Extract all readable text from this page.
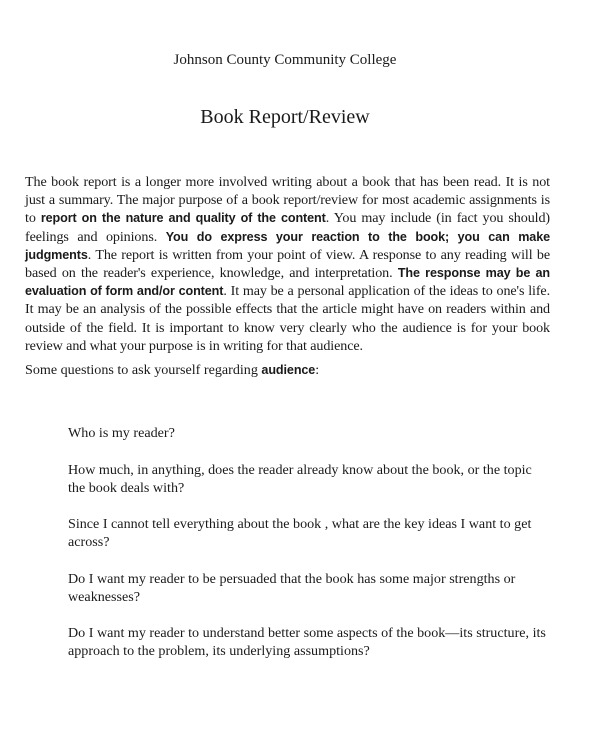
Johnson County Community College
Book Report/Review

The book report is a longer more involved writing about a book that has been read. It is not just a summary. The major purpose of a book report/review for most academic assignments is to report on the nature and quality of the content. You may include (in fact you should) feelings and opinions. You do express your reaction to the book; you can make judgments. The report is written from your point of view. A response to any reading will be based on the reader's experience, knowledge, and interpretation. The response may be an evaluation of form and/or content. It may be a personal application of the ideas to one's life. It may be an analysis of the possible effects that the article might have on readers within and outside of the field. It is important to know very clearly who the audience is for your book review and what your purpose is in writing for that audience.

Some questions to ask yourself regarding audience:

Who is my reader?
How much, in anything, does the reader already know about the book, or the topic the book deals with?
Since I cannot tell everything about the book , what are the key ideas I want to get across?
Do I want my reader to be persuaded that the book has some major strengths or weaknesses?
Do I want my reader to understand better some aspects of the book—its structure, its approach to the problem, its underlying assumptions?
